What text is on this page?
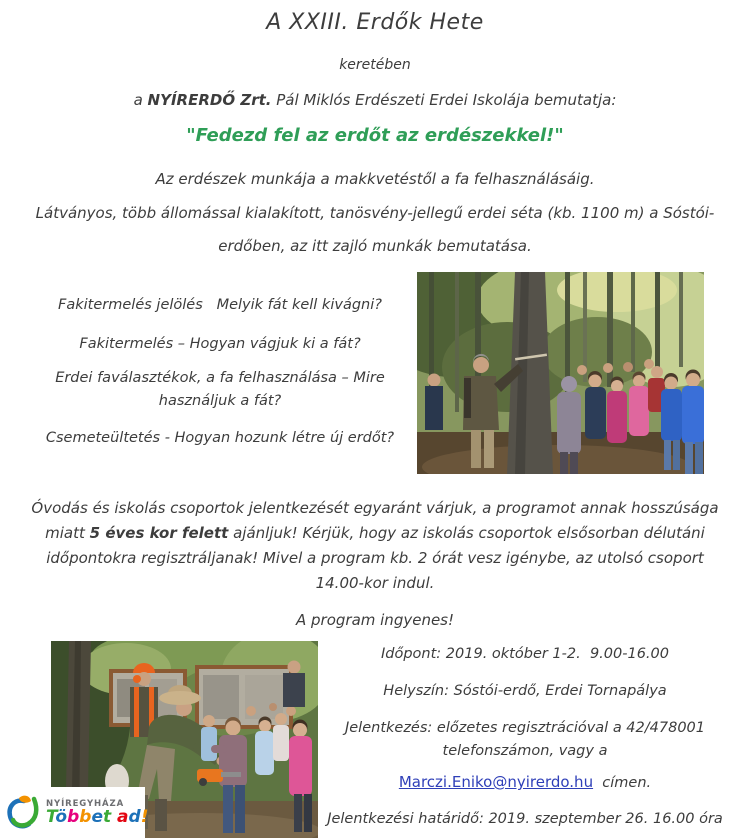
A XXIII. Erdők Hete
keretében
a NYÍRERDŐ Zrt. Pál Miklós Erdészeti Erdei Iskolája bemutatja:
"Fedezd fel az erdőt az erdészekkel!"
Az erdészek munkája a makkvetéstől a fa felhasználásáig.
Látványos, több állomással kialakított, tanösvény-jellegű erdei séta (kb. 1100 m) a Sóstói-
erdőben, az itt zajló munkák bemutatása.
Fakitermelés jelölés   Melyik fát kell kivágni?
Fakitermelés – Hogyan vágjuk ki a fát?
Erdei faválasztékok, a fa felhasználása – Mire
használjuk a fát?
Csemeteültetés - Hogyan hozunk létre új erdőt?
Óvodás és iskolás csoportok jelentkezését egyaránt várjuk, a programot annak hosszúsága
miatt 5 éves kor felett ajánljuk! Kérjük, hogy az iskolás csoportok elsősorban délutáni
időpontokra regisztráljanak! Mivel a program kb. 2 órát vesz igénybe, az utolsó csoport
14.00-kor indul.
A program ingyenes!
Időpont: 2019. október 1-2.  9.00-16.00
Helyszín: Sóstói-erdő, Erdei Tornapálya
Jelentkezés: előzetes regisztrációval a 42/478001
telefonszámon, vagy a
Marczi.Eniko@nyirerdo.hu  címen.
Jelentkezési határidő: 2019. szeptember 26. 16.00 óra
NYÍREGYHÁZA
Többet ad!
